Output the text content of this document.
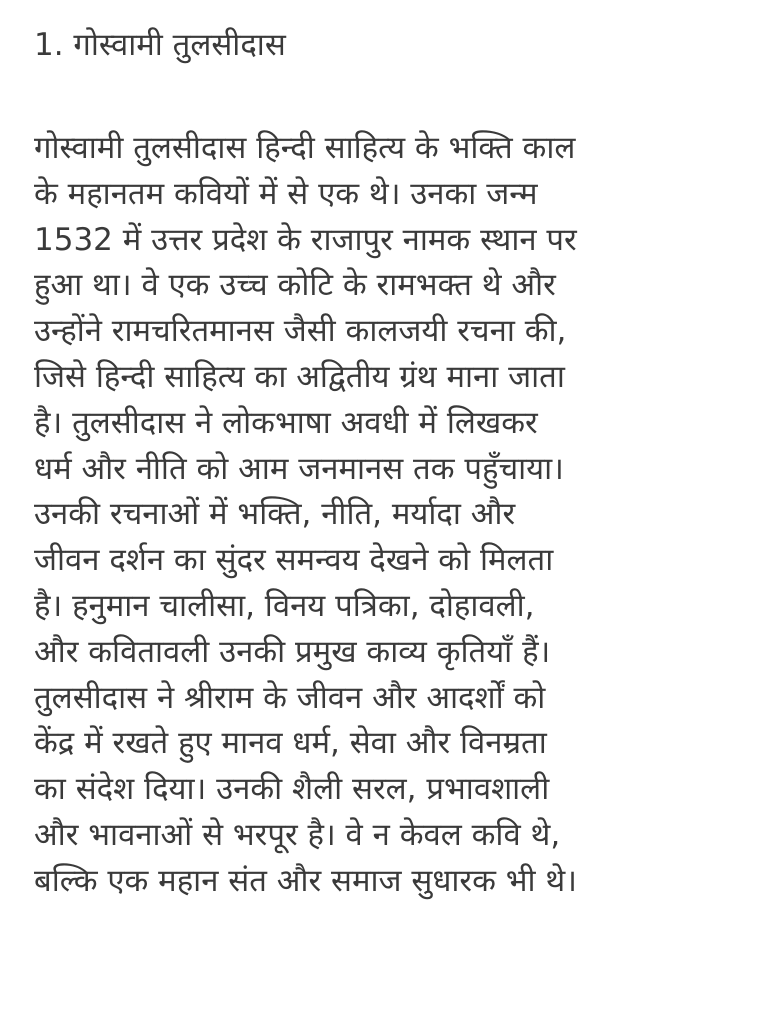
1. गोस्वामी तुलसीदास

गोस्वामी तुलसीदास हिन्दी साहित्य के भक्ति काल

के महानतम कवियों में से एक थे। उनका जन्म

1532 में उत्तर प्रदेश के राजापुर नामक स्थान पर

हुआ था। वे एक उच्च कोटि के रामभक्त थे और

उन्होंने रामचरितमानस जैसी कालजयी रचना की,

जिसे हिन्दी साहित्य का अद्वितीय ग्रंथ माना जाता

है। तुलसीदास ने लोकभाषा अवधी में लिखकर

धर्म और नीति को आम जनमानस तक पहुँचाया।

उनकी रचनाओं में भक्ति, नीति, मर्यादा और

जीवन दर्शन का सुंदर समन्वय देखने को मिलता

है। हनुमान चालीसा, विनय पत्रिका, दोहावली,

और कवितावली उनकी प्रमुख काव्य कृतियाँ हैं।

तुलसीदास ने श्रीराम के जीवन और आदर्शों को

केंद्र में रखते हुए मानव धर्म, सेवा और विनम्रता

का संदेश दिया। उनकी शैली सरल, प्रभावशाली

और भावनाओं से भरपूर है। वे न केवल कवि थे,

बल्कि एक महान संत और समाज सुधारक भी थे।
